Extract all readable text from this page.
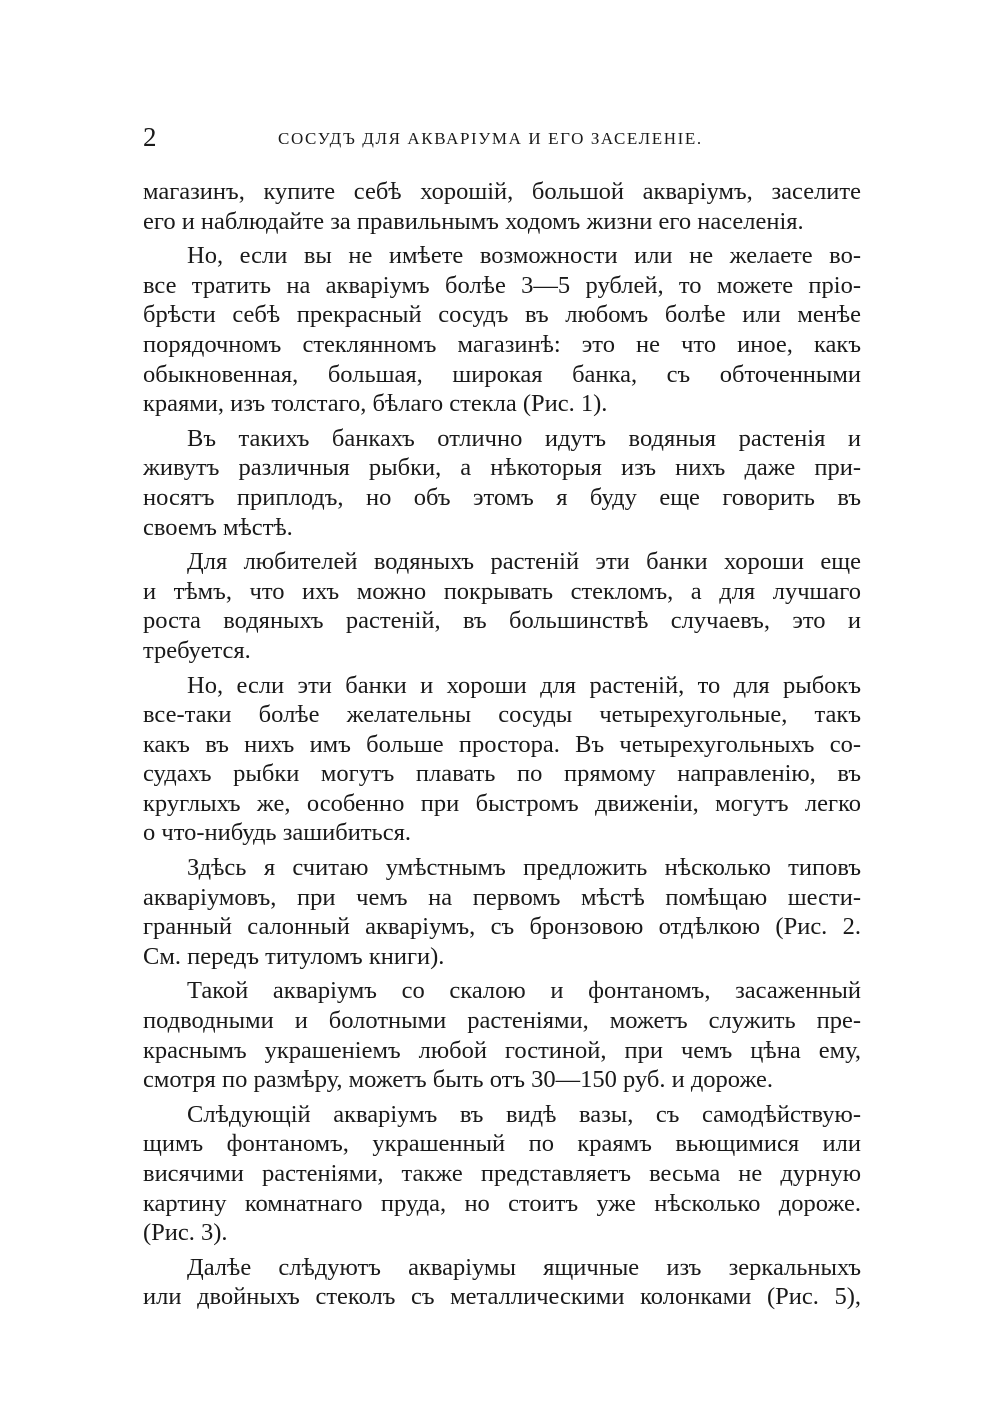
2	СОСУДЪ ДЛЯ АКВАРІУМА И ЕГО ЗАСЕЛЕНІЕ.
магазинъ, купите себѣ хорошій, большой акваріумъ, заселите
его и наблюдайте за правильнымъ ходомъ жизни его населенія.
Но, если вы не имѣете возможности или не желаете во-
все тратить на акваріумъ болѣе 3—5 рублей, то можете пріо-
брѣсти себѣ прекрасный сосудъ въ любомъ болѣе или менѣе
порядочномъ стеклянномъ магазинѣ: это не что иное, какъ
обыкновенная, большая, широкая банка, съ обточенными
краями, изъ толстаго, бѣлаго стекла (Рис. 1).
Въ такихъ банкахъ отлично идутъ водяныя растенія и
живутъ различныя рыбки, а нѣкоторыя изъ нихъ даже при-
носятъ приплодъ, но объ этомъ я буду еще говорить въ
своемъ мѣстѣ.
Для любителей водяныхъ растеній эти банки хороши еще
и тѣмъ, что ихъ можно покрывать стекломъ, а для лучшаго
роста водяныхъ растеній, въ большинствѣ случаевъ, это и
требуется.
Но, если эти банки и хороши для растеній, то для рыбокъ
все-таки болѣе желательны сосуды четырехугольные, такъ
какъ въ нихъ имъ больше простора. Въ четырехугольныхъ со-
судахъ рыбки могутъ плавать по прямому направленію, въ
круглыхъ же, особенно при быстромъ движеніи, могутъ легко
о что-нибудь зашибиться.
Здѣсь я считаю умѣстнымъ предложить нѣсколько типовъ
акваріумовъ, при чемъ на первомъ мѣстѣ помѣщаю шести-
гранный салонный акваріумъ, съ бронзовою отдѣлкою (Рис. 2.
См. передъ титуломъ книги).
Такой акваріумъ со скалою и фонтаномъ, засаженный
подводными и болотными растеніями, можетъ служить пре-
краснымъ украшеніемъ любой гостиной, при чемъ цѣна ему,
смотря по размѣру, можетъ быть отъ 30—150 руб. и дороже.
Слѣдующій акваріумъ въ видѣ вазы, съ самодѣйствую-
щимъ фонтаномъ, украшенный по краямъ вьющимися или
висячими растеніями, также представляетъ весьма не дурную
картину комнатнаго пруда, но стоитъ уже нѣсколько дороже.
(Рис. 3).
Далѣе слѣдуютъ акваріумы ящичные изъ зеркальныхъ
или двойныхъ стеколъ съ металлическими колонками (Рис. 5),
